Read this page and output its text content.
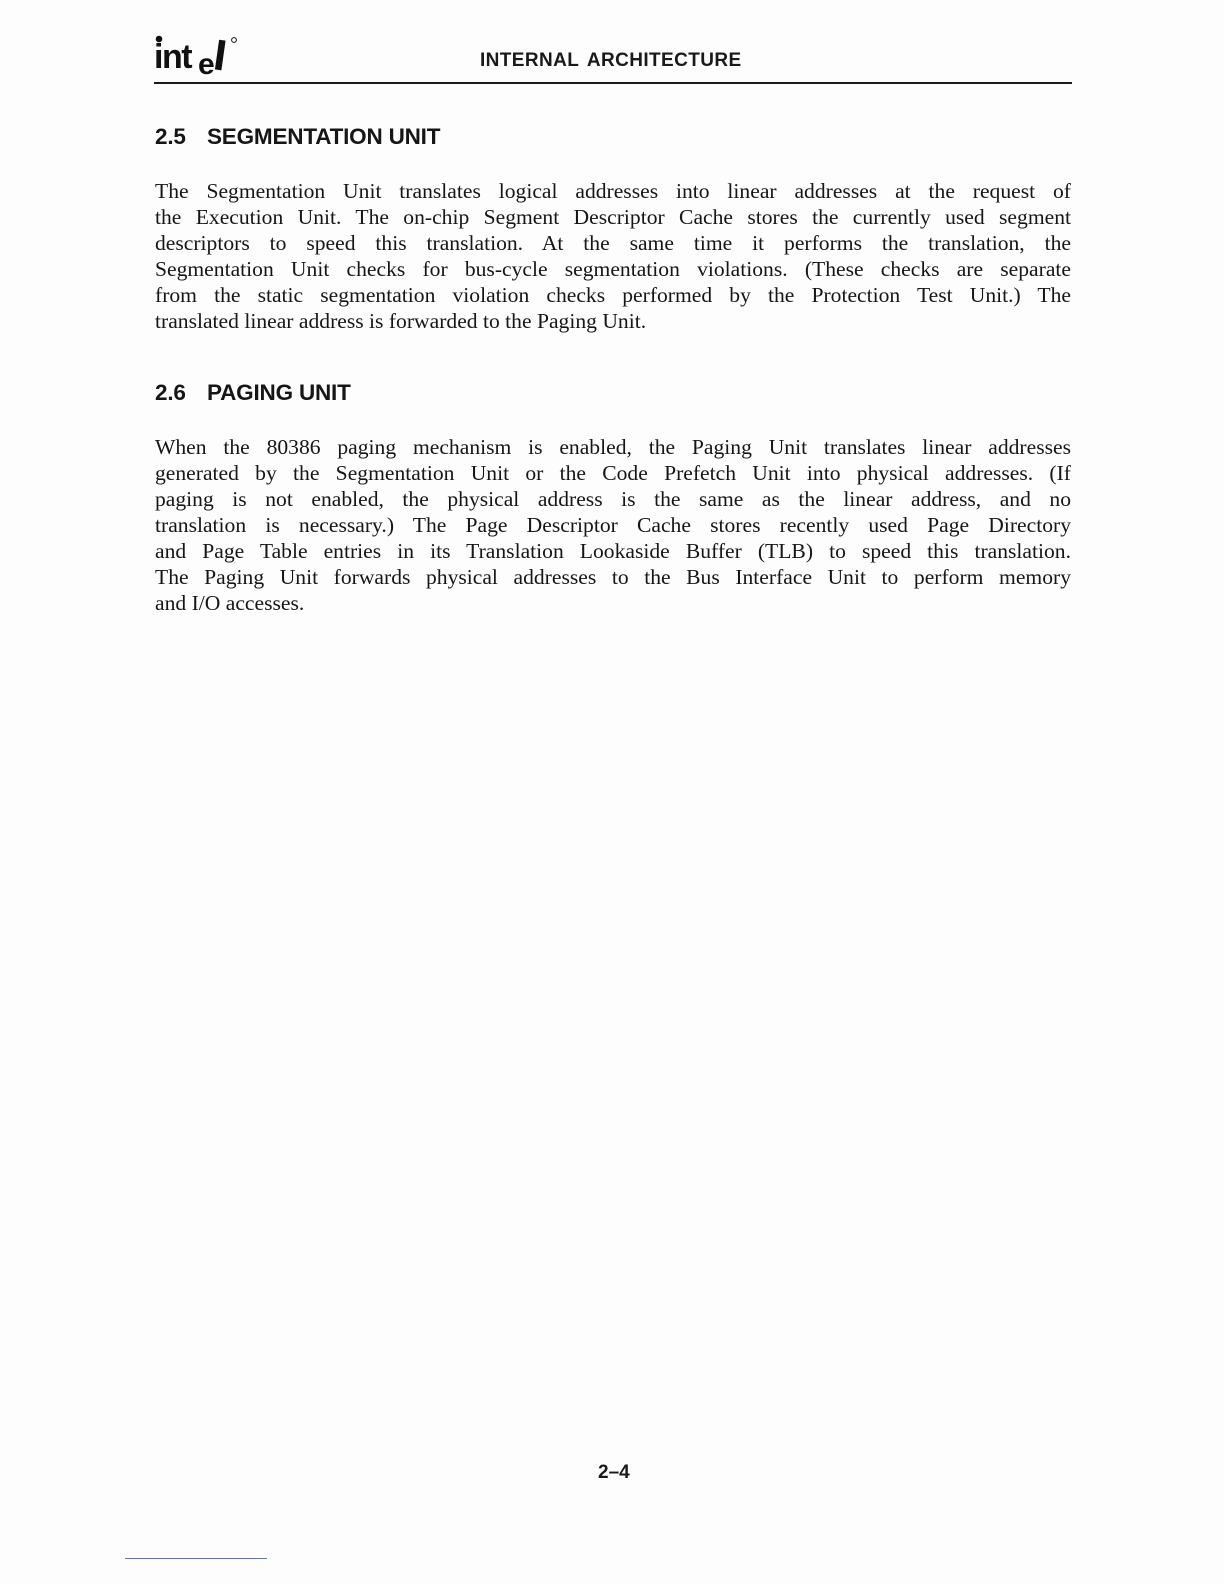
int e	INTERNAL ARCHITECTURE
2.5 SEGMENTATION UNIT
The Segmentation Unit translates logical addresses into linear addresses at the request of
the Execution Unit. The on-chip Segment Descriptor Cache stores the currently used segment
descriptors to speed this translation. At the same time it performs the translation, the
Segmentation Unit checks for bus-cycle segmentation violations. (These checks are separate
from the static segmentation violation checks performed by the Protection Test Unit.) The
translated linear address is forwarded to the Paging Unit.
2.6 PAGING UNIT
When the 80386 paging mechanism is enabled, the Paging Unit translates linear addresses
generated by the Segmentation Unit or the Code Prefetch Unit into physical addresses. (If
paging is not enabled, the physical address is the same as the linear address, and no
translation is necessary.) The Page Descriptor Cache stores recently used Page Directory
and Page Table entries in its Translation Lookaside Buffer (TLB) to speed this translation.
The Paging Unit forwards physical addresses to the Bus Interface Unit to perform memory
and I/O accesses.
2–4
